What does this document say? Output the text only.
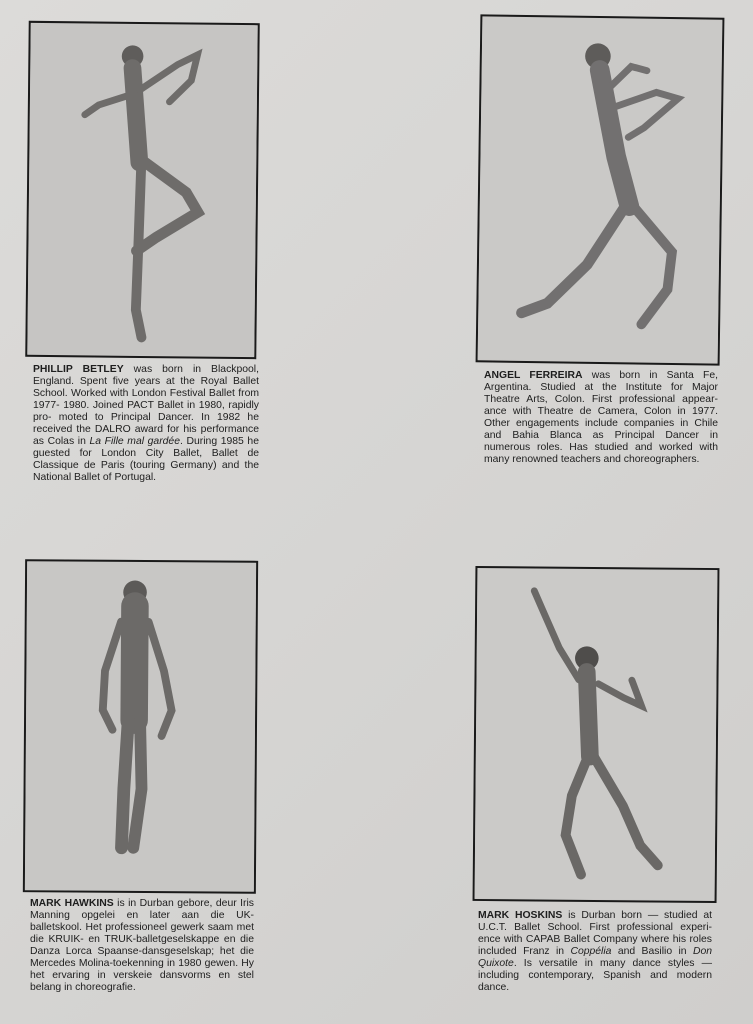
PHILLIP BETLEY was born in Blackpool, England. Spent five years at the Royal Ballet School. Worked with London Festival Ballet from 1977- 1980. Joined PACT Ballet in 1980, rapidly pro- moted to Principal Dancer. In 1982 he received the DALRO award for his performance as Colas in La Fille mal gardée. During 1985 he guested for London City Ballet, Ballet de Classique de Paris (touring Germany) and the National Ballet of Portugal.
ANGEL FERREIRA was born in Santa Fe, Argentina. Studied at the Institute for Major Theatre Arts, Colon. First professional appear- ance with Theatre de Camera, Colon in 1977. Other engagements include companies in Chile and Bahia Blanca as Principal Dancer in numerous roles. Has studied and worked with many renowned teachers and choreographers.
MARK HAWKINS is in Durban gebore, deur Iris Manning opgelei en later aan die UK- balletskool. Het professioneel gewerk saam met die KRUIK- en TRUK-balletgeselskappe en die Danza Lorca Spaanse-dansgeselskap; het die Mercedes Molina-toekenning in 1980 gewen. Hy het ervaring in verskeie dansvorms en stel belang in choreografie.
MARK HOSKINS is Durban born — studied at U.C.T. Ballet School. First professional experi- ence with CAPAB Ballet Company where his roles included Franz in Coppélia and Basilio in Don Quixote. Is versatile in many dance styles — including contemporary, Spanish and modern dance.
